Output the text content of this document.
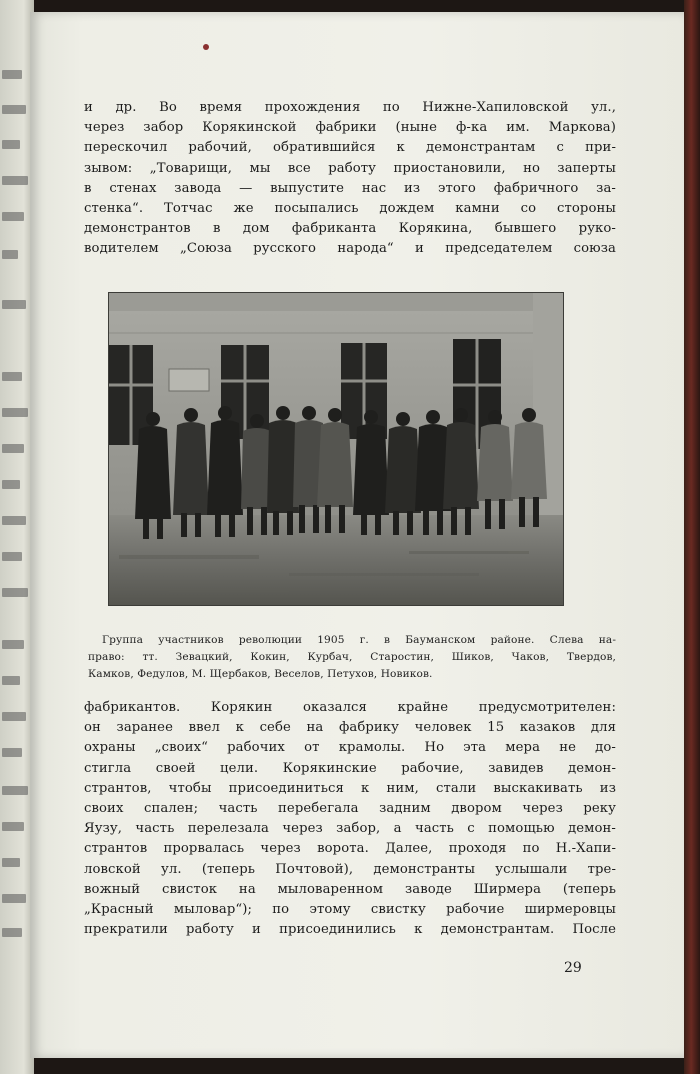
и др. Во время прохождения по Нижне-Хапиловской ул.,
через забор Корякинской фабрики (ныне ф-ка им. Маркова)
перескочил рабочий, обратившийся к демонстрантам с при-
зывом: „Товарищи, мы все работу приостановили, но заперты
в стенах завода — выпустите нас из этого фабричного за-
стенка“. Тотчас же посыпались дождем камни со стороны
демонстрантов в дом фабриканта Корякина, бывшего руко-
водителем „Союза русского народа“ и председателем союза
Группа участников революции 1905 г. в Бауманском районе. Слева на-
право: тт. Зевацкий, Кокин, Курбач, Старостин, Шиков, Чаков, Твердов,
Камков, Федулов, М. Щербаков, Веселов, Петухов, Новиков.
фабрикантов. Корякин оказался крайне предусмотрителен:
он заранее ввел к себе на фабрику человек 15 казаков для
охраны „своих“ рабочих от крамолы. Но эта мера не до-
стигла своей цели. Корякинские рабочие, завидев демон-
странтов, чтобы присоединиться к ним, стали выскакивать из
своих спален; часть перебегала задним двором через реку
Яузу, часть перелезала через забор, а часть с помощью демон-
странтов прорвалась через ворота. Далее, проходя по Н.-Хапи-
ловской ул. (теперь Почтовой), демонстранты услышали тре-
вожный свисток на мыловаренном заводе Ширмера (теперь
„Красный мыловар“); по этому свистку рабочие ширмеровцы
прекратили работу и присоединились к демонстрантам. После
29
